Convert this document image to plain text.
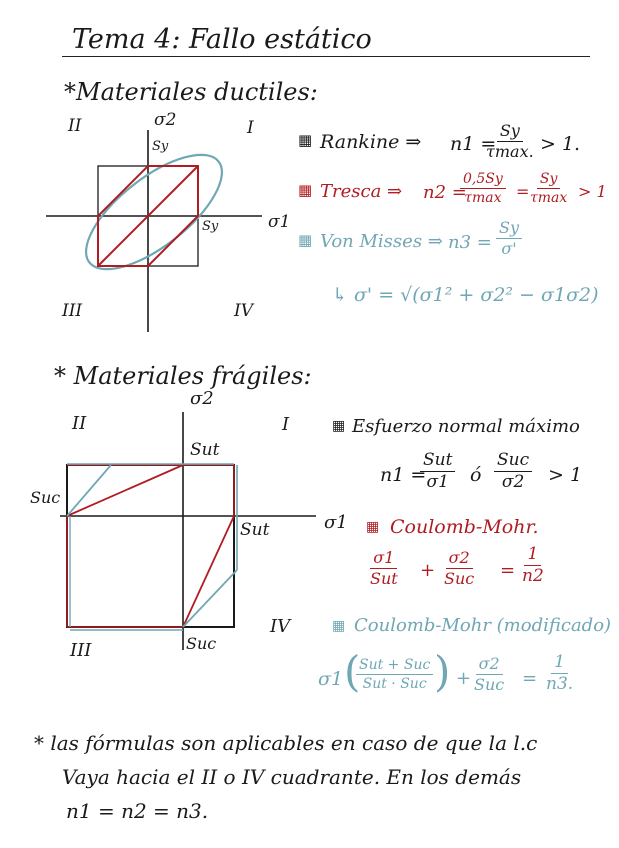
Tema 4: Fallo estático
*Materiales ductiles:
II	I
III	IV
σ2
σ1
Sy
Sy
▦ Rankine ⇒ n1 =
Sy
τmax. > 1.
▦ Tresca ⇒ n2 =
0,5Sy
τmax =
Sy
τmax > 1
▦ Von Misses ⇒ $n3 = \frac{Sy}{\sigma'}$
↳ σ' = √(σ1² + σ2² − σ1σ2)
* Materiales frágiles:
II	I
III
IV
σ2
σ1
Sut
Suc
Sut
Suc
▦ Esfuerzo normal máximo
n1 =
Sut
σ1 ó
Suc
σ2 > 1
▦ Coulomb-Mohr.
σ1
Sut +
σ2
Suc = $\frac{1}{n2}$
▦ Coulomb-Mohr (modificado)
σ1 (
Sut + Suc
Sut · Suc ) +
σ2
Suc = $\frac{1}{n3.}$
* las fórmulas son aplicables en caso de que la l.c
Vaya hacia el II o IV cuadrante. En los demás
n1 = n2 = n3.
